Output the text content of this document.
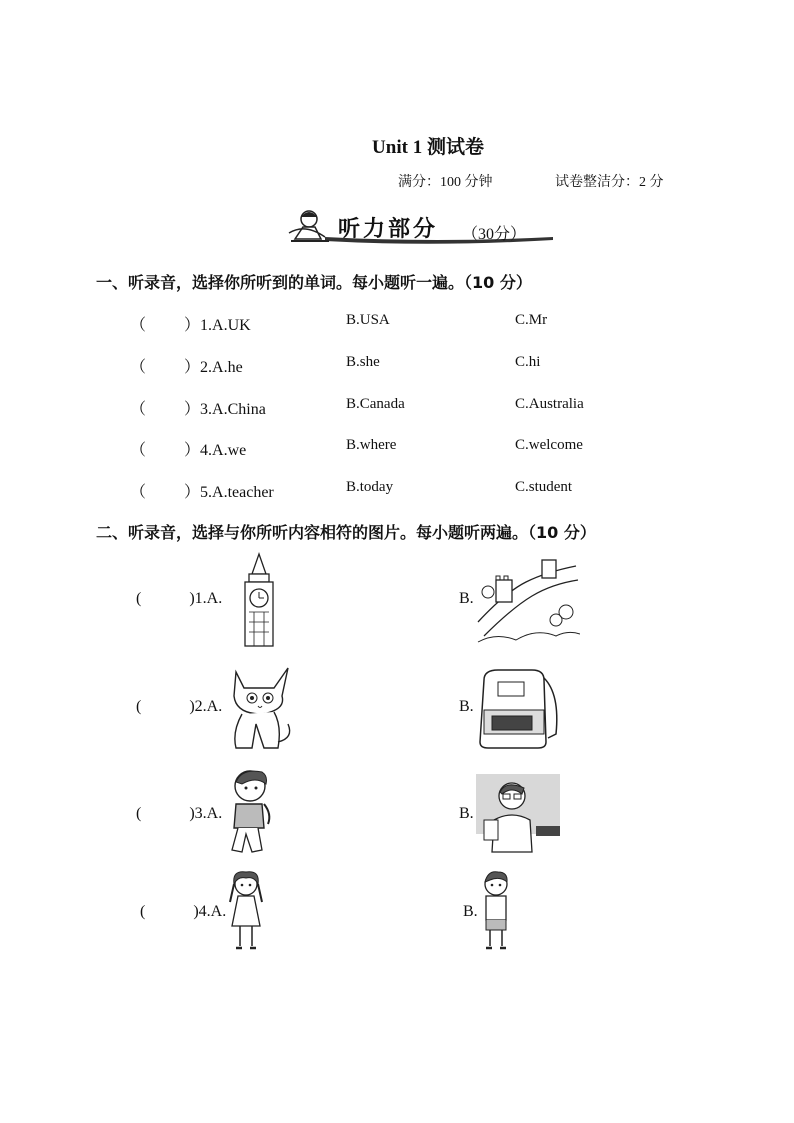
Unit 1 测试卷
满分：100 分钟	试卷整洁分：2 分
听力部分 （30分）
一、听录音，选择你所听到的单词。每小题听一遍。（10 分）
（ ）1.A.UK	B.USA	C.Mr
（ ）2.A.he	B.she	C.hi
（ ）3.A.China	B.Canada	C.Australia
（ ）4.A.we	B.where	C.welcome
（ ）5.A.teacher	B.today	C.student
二、听录音，选择与你所听内容相符的图片。每小题听两遍。（10 分）
(	)1.A.	B.
(	)2.A.	B.
(	)3.A.	B.
(	)4.A.	B.
